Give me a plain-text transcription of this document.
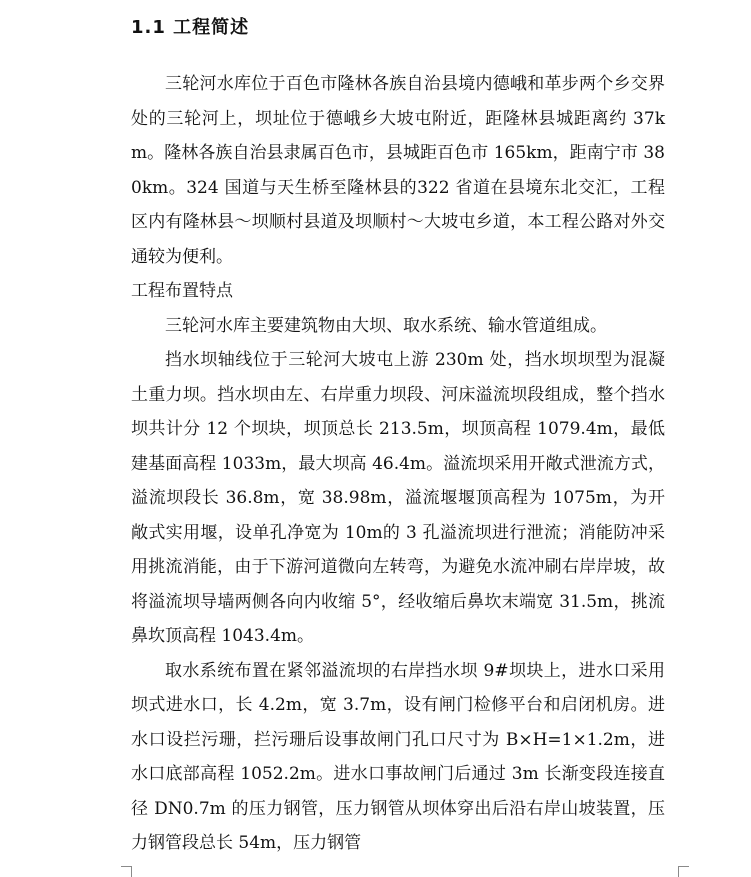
1.1 工程简述

三轮河水库位于百色市隆林各族自治县境内德峨和革步两个乡交界处的三轮河上，坝址位于德峨乡大坡屯附近，距隆林县城距离约 37km。隆林各族自治县隶属百色市，县城距百色市 165km，距南宁市 380km。324 国道与天生桥至隆林县的322 省道在县境东北交汇，工程区内有隆林县～坝顺村县道及坝顺村～大坡屯乡道，本工程公路对外交通较为便利。

工程布置特点

三轮河水库主要建筑物由大坝、取水系统、输水管道组成。

挡水坝轴线位于三轮河大坡屯上游 230m 处，挡水坝坝型为混凝土重力坝。挡水坝由左、右岸重力坝段、河床溢流坝段组成，整个挡水坝共计分 12 个坝块，坝顶总长 213.5m，坝顶高程 1079.4m，最低建基面高程 1033m，最大坝高 46.4m。溢流坝采用开敞式泄流方式，溢流坝段长 36.8m，宽 38.98m，溢流堰堰顶高程为 1075m，为开敞式实用堰，设单孔净宽为 10m的 3 孔溢流坝进行泄流；消能防冲采用挑流消能，由于下游河道微向左转弯，为避免水流冲刷右岸岸坡，故将溢流坝导墙两侧各向内收缩 5°，经收缩后鼻坎末端宽 31.5m，挑流鼻坎顶高程 1043.4m。

取水系统布置在紧邻溢流坝的右岸挡水坝 9#坝块上，进水口采用坝式进水口，长 4.2m，宽 3.7m，设有闸门检修平台和启闭机房。进水口设拦污珊，拦污珊后设事故闸门孔口尺寸为 B×H=1×1.2m，进水口底部高程 1052.2m。进水口事故闸门后通过 3m 长渐变段连接直径 DN0.7m 的压力钢管，压力钢管从坝体穿出后沿右岸山坡装置，压力钢管段总长 54m，压力钢管
